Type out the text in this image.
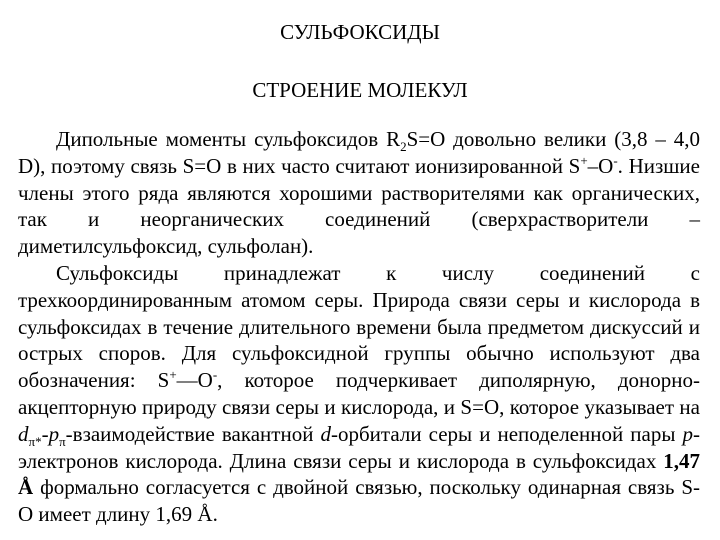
СУЛЬФОКСИДЫ
СТРОЕНИЕ МОЛЕКУЛ

Дипольные моменты сульфоксидов $R_2S=O$ довольно велики (3,8 – 4,0 D), поэтому связь S=O в них часто считают ионизированной S+–O-. Низшие члены этого ряда являются хорошими растворителями как органических, так и неорганических соединений (сверхрастворители – диметилсульфоксид, сульфолан).

Сульфоксиды принадлежат к числу соединений с трехкоординированным атомом серы. Природа связи серы и кислорода в сульфоксидах в течение длительного времени была предметом дискуссий и острых споров. Для сульфоксидной группы обычно используют два обозначения: S+—O-, которое подчеркивает диполярную, донорно-акцепторную природу связи серы и кислорода, и S=O, которое указывает на $d_{\pi*}-p_\pi$-взаимодействие вакантной d-орбитали серы и неподеленной пары p-электронов кислорода. Длина связи серы и кислорода в сульфоксидах 1,47 Å формально согласуется с двойной связью, поскольку одинарная связь S-O имеет длину 1,69 Å.
